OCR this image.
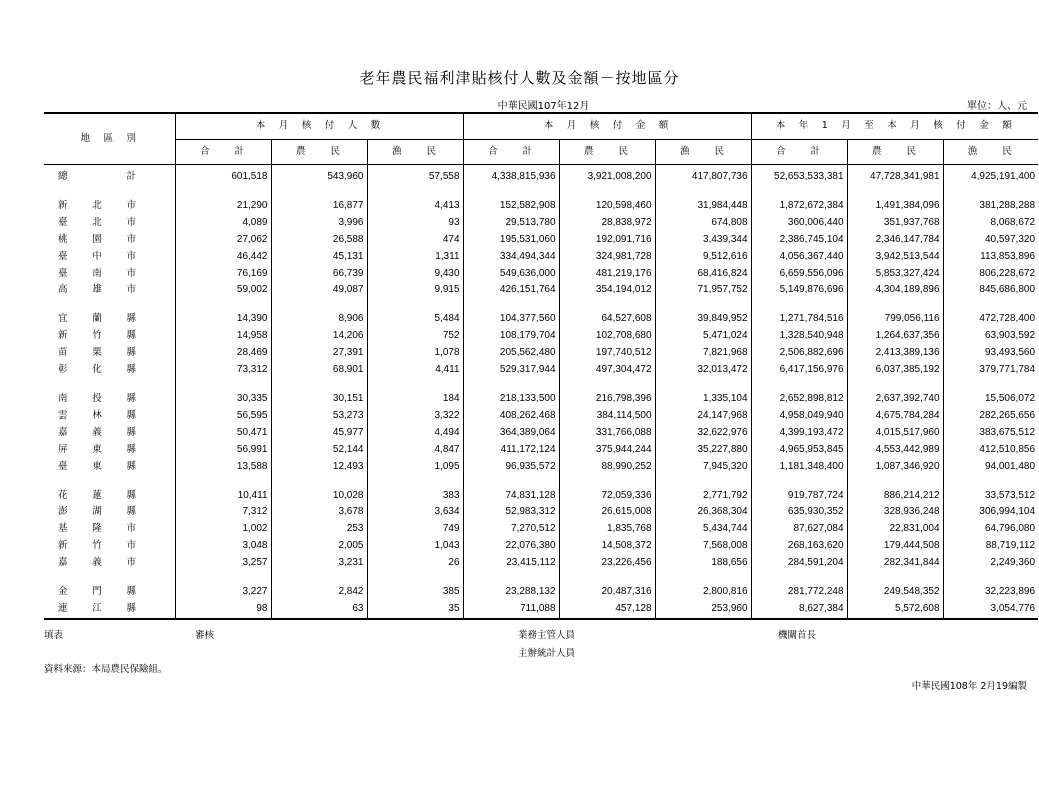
老年農民福利津貼核付人數及金額－按地區分
中華民國107年12月	單位：人、元
地　區　別	本　月　核　付　人　數			本　月　核　付　金　額			本　年　1　月　至　本　月　核　付　金　額		
	合　　計	農　　民	漁　　民	合　　計	農　　民	漁　　民	合　　計	農　　民	漁　　民

總 計	601,518	543,960	57,558	4,338,815,936	3,921,008,200	417,807,736	52,653,533,381	47,728,341,981	4,925,191,400

新 北 市	21,290	16,877	4,413	152,582,908	120,598,460	31,984,448	1,872,672,384	1,491,384,096	381,288,288

臺 北 市	4,089	3,996	93	29,513,780	28,838,972	674,808	360,006,440	351,937,768	8,068,672

桃 園 市	27,062	26,588	474	195,531,060	192,091,716	3,439,344	2,386,745,104	2,346,147,784	40,597,320

臺 中 市	46,442	45,131	1,311	334,494,344	324,981,728	9,512,616	4,056,367,440	3,942,513,544	113,853,896

臺 南 市	76,169	66,739	9,430	549,636,000	481,219,176	68,416,824	6,659,556,096	5,853,327,424	806,228,672

高 雄 市	59,002	49,087	9,915	426,151,764	354,194,012	71,957,752	5,149,876,696	4,304,189,896	845,686,800

宜 蘭 縣	14,390	8,906	5,484	104,377,560	64,527,608	39,849,952	1,271,784,516	799,056,116	472,728,400

新 竹 縣	14,958	14,206	752	108,179,704	102,708,680	5,471,024	1,328,540,948	1,264,637,356	63,903,592

苗 栗 縣	28,469	27,391	1,078	205,562,480	197,740,512	7,821,968	2,506,882,696	2,413,389,136	93,493,560

彰 化 縣	73,312	68,901	4,411	529,317,944	497,304,472	32,013,472	6,417,156,976	6,037,385,192	379,771,784

南 投 縣	30,335	30,151	184	218,133,500	216,798,396	1,335,104	2,652,898,812	2,637,392,740	15,506,072

雲 林 縣	56,595	53,273	3,322	408,262,468	384,114,500	24,147,968	4,958,049,940	4,675,784,284	282,265,656

嘉 義 縣	50,471	45,977	4,494	364,389,064	331,766,088	32,622,976	4,399,193,472	4,015,517,960	383,675,512

屏 東 縣	56,991	52,144	4,847	411,172,124	375,944,244	35,227,880	4,965,953,845	4,553,442,989	412,510,856

臺 東 縣	13,588	12,493	1,095	96,935,572	88,990,252	7,945,320	1,181,348,400	1,087,346,920	94,001,480

花 蓮 縣	10,411	10,028	383	74,831,128	72,059,336	2,771,792	919,787,724	886,214,212	33,573,512

澎 湖 縣	7,312	3,678	3,634	52,983,312	26,615,008	26,368,304	635,930,352	328,936,248	306,994,104

基 隆 市	1,002	253	749	7,270,512	1,835,768	5,434,744	87,627,084	22,831,004	64,796,080

新 竹 市	3,048	2,005	1,043	22,076,380	14,508,372	7,568,008	268,163,620	179,444,508	88,719,112

嘉 義 市	3,257	3,231	26	23,415,112	23,226,456	188,656	284,591,204	282,341,844	2,249,360

金 門 縣	3,227	2,842	385	23,288,132	20,487,316	2,800,816	281,772,248	249,548,352	32,223,896

連 江 縣	98	63	35	711,088	457,128	253,960	8,627,384	5,572,608	3,054,776
填表	審核	業務主管人員
主辦統計人員
機關首長
資料來源：本局農民保險組。
中華民國108年 2月19編製
